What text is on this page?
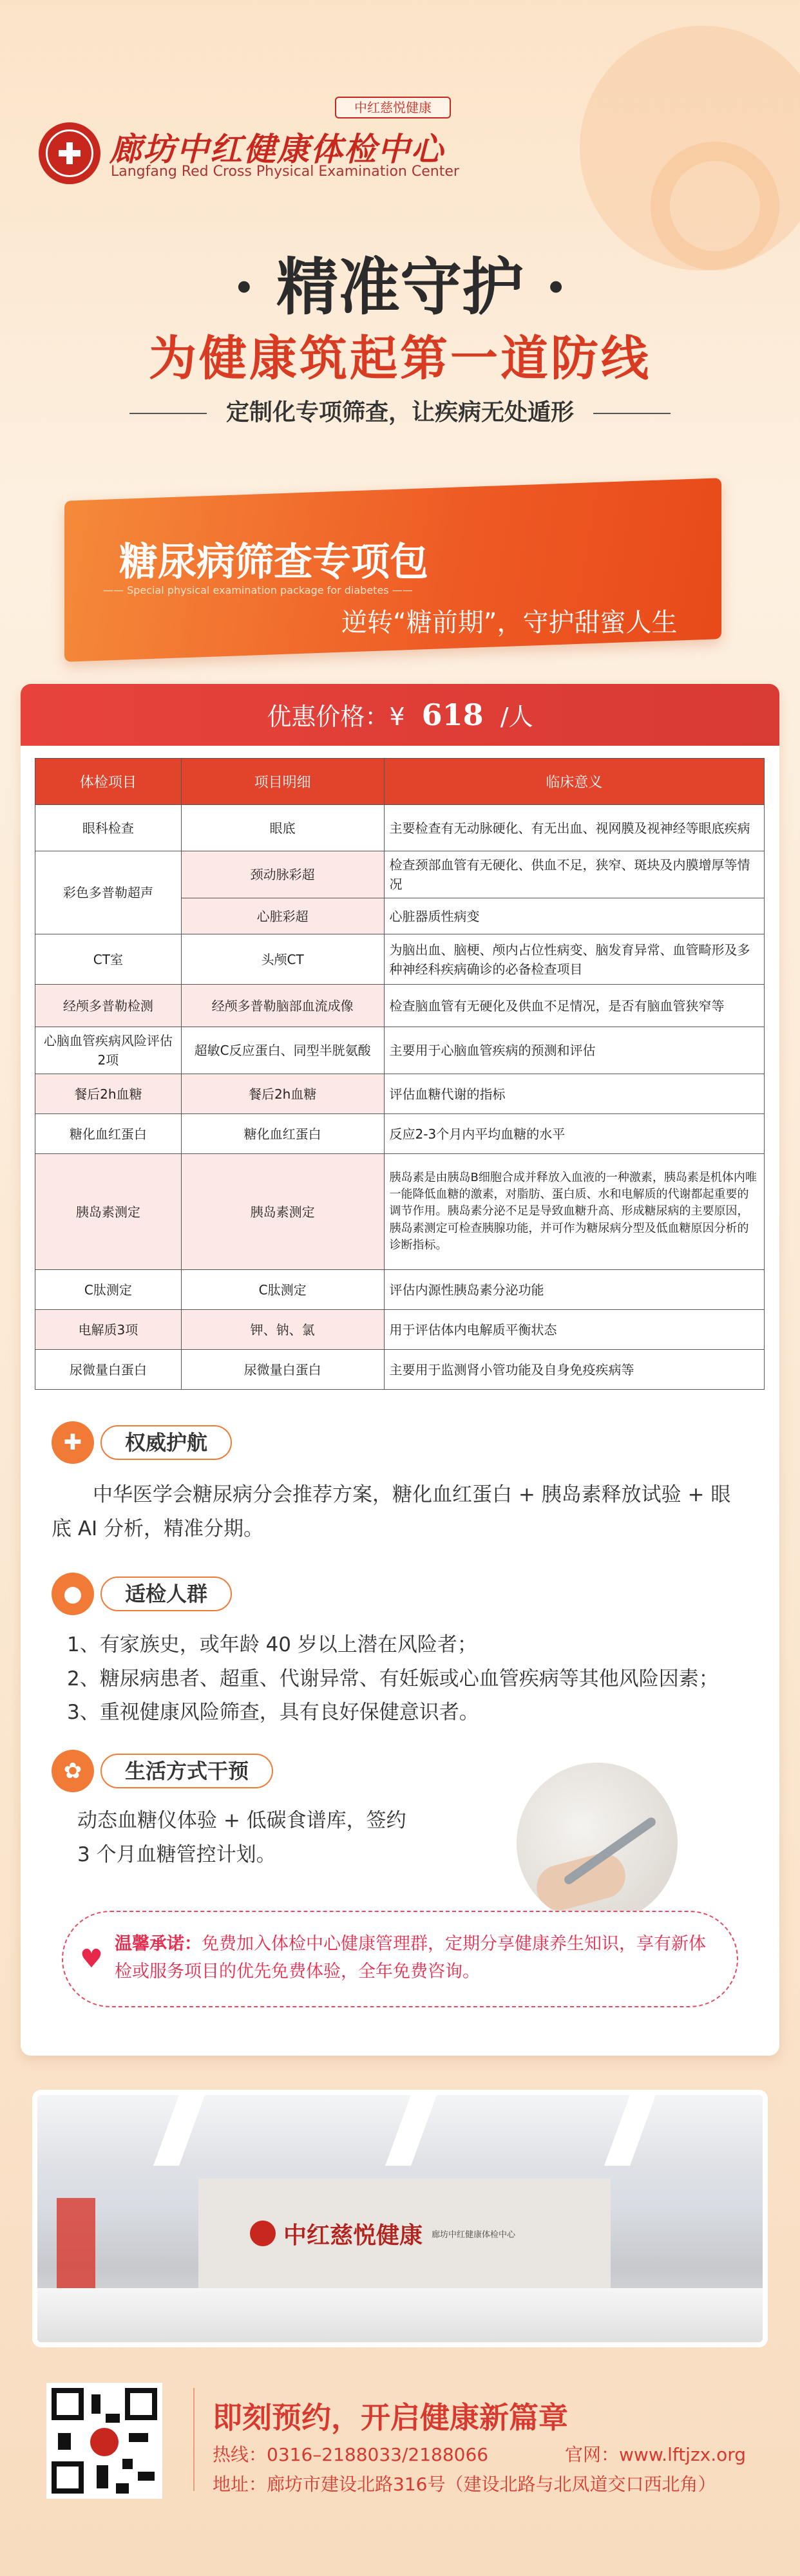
中红慈悦健康
廊坊中红健康体检中心
Langfang Red Cross Physical Examination Center
· 精准守护 ·
为健康筑起第一道防线
定制化专项筛查，让疾病无处遁形
糖尿病筛查专项包
—— Special physical examination package for diabetes ——
逆转“糖前期”，守护甜蜜人生
优惠价格：¥ 618 /人
体检项目	项目明细	临床意义
眼科检查	眼底	主要检查有无动脉硬化、有无出血、视网膜及视神经等眼底疾病
彩色多普勒超声	颈动脉彩超	检查颈部血管有无硬化、供血不足，狭窄、斑块及内膜增厚等情况
	心脏彩超	心脏器质性病变
CT室	头颅CT	为脑出血、脑梗、颅内占位性病变、脑发育异常、血管畸形及多种神经科疾病确诊的必备检查项目
经颅多普勒检测	经颅多普勒脑部血流成像	检查脑血管有无硬化及供血不足情况，是否有脑血管狭窄等
心脑血管疾病风险评估2项	超敏C反应蛋白、同型半胱氨酸	主要用于心脑血管疾病的预测和评估
餐后2h血糖	餐后2h血糖	评估血糖代谢的指标
糖化血红蛋白	糖化血红蛋白	反应2-3个月内平均血糖的水平
胰岛素测定	胰岛素测定	胰岛素是由胰岛B细胞合成并释放入血液的一种激素，胰岛素是机体内唯一能降低血糖的激素，对脂肪、蛋白质、水和电解质的代谢都起重要的调节作用。胰岛素分泌不足是导致血糖升高、形成糖尿病的主要原因，胰岛素测定可检查胰腺功能，并可作为糖尿病分型及低血糖原因分析的诊断指标。
C肽测定	C肽测定	评估内源性胰岛素分泌功能
电解质3项	钾、钠、氯	用于评估体内电解质平衡状态
尿微量白蛋白	尿微量白蛋白	主要用于监测肾小管功能及自身免疫疾病等
✚	权威护航
中华医学会糖尿病分会推荐方案，糖化血红蛋白 + 胰岛素释放试验 + 眼底 AI 分析，精准分期。
●	适检人群
1、有家族史，或年龄 40 岁以上潜在风险者；
2、糖尿病患者、超重、代谢异常、有妊娠或心血管疾病等其他风险因素；
3、重视健康风险筛查，具有良好保健意识者。
✿	生活方式干预
动态血糖仪体验 + 低碳食谱库，签约
3 个月血糖管控计划。
♥
温馨承诺：免费加入体检中心健康管理群，定期分享健康养生知识，享有新体检或服务项目的优先免费体验，全年免费咨询。
中红慈悦健康 廊坊中红健康体检中心
即刻预约，开启健康新篇章
热线：0316–2188033/2188066	官网：www.lftjzx.org
地址：廊坊市建设北路316号（建设北路与北凤道交口西北角）
